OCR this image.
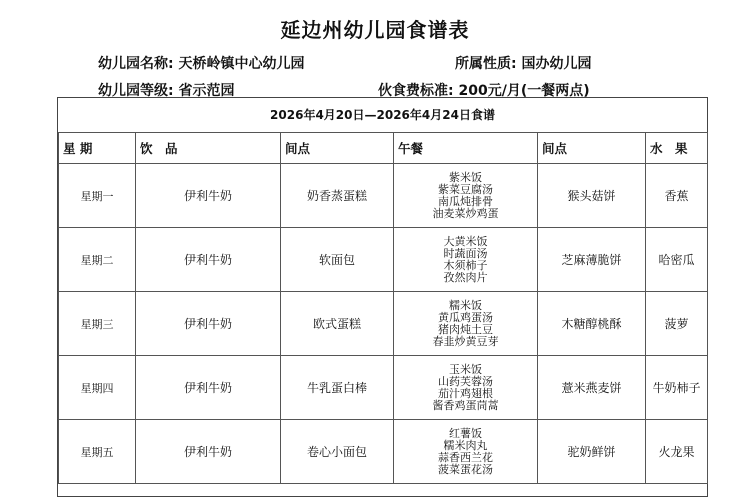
延边州幼儿园食谱表
幼儿园名称: 天桥岭镇中心幼儿园	所属性质: 国办幼儿园
幼儿园等级: 省示范园	伙食费标准: 200元/月(一餐两点)
2026年4月20日—2026年4月24日食谱
星 期	饮　品	间点	午餐	间点	水　果
星期一	伊利牛奶	奶香蒸蛋糕	紫米饭
紫菜豆腐汤
南瓜炖排骨
油麦菜炒鸡蛋	猴头菇饼	香蕉
星期二	伊利牛奶	软面包	大黄米饭
时蔬面汤
木须柿子
孜然肉片	芝麻薄脆饼	哈密瓜
星期三	伊利牛奶	欧式蛋糕	糯米饭
黄瓜鸡蛋汤
猪肉炖土豆
春韭炒黄豆芽	木糖醇桃酥	菠萝
星期四	伊利牛奶	牛乳蛋白棒	玉米饭
山药芙蓉汤
茄汁鸡翅根
酱香鸡蛋茼蒿	薏米燕麦饼	牛奶柿子
星期五	伊利牛奶	卷心小面包	红薯饭
糯米肉丸
蒜香西兰花
菠菜蛋花汤	驼奶鲜饼	火龙果
